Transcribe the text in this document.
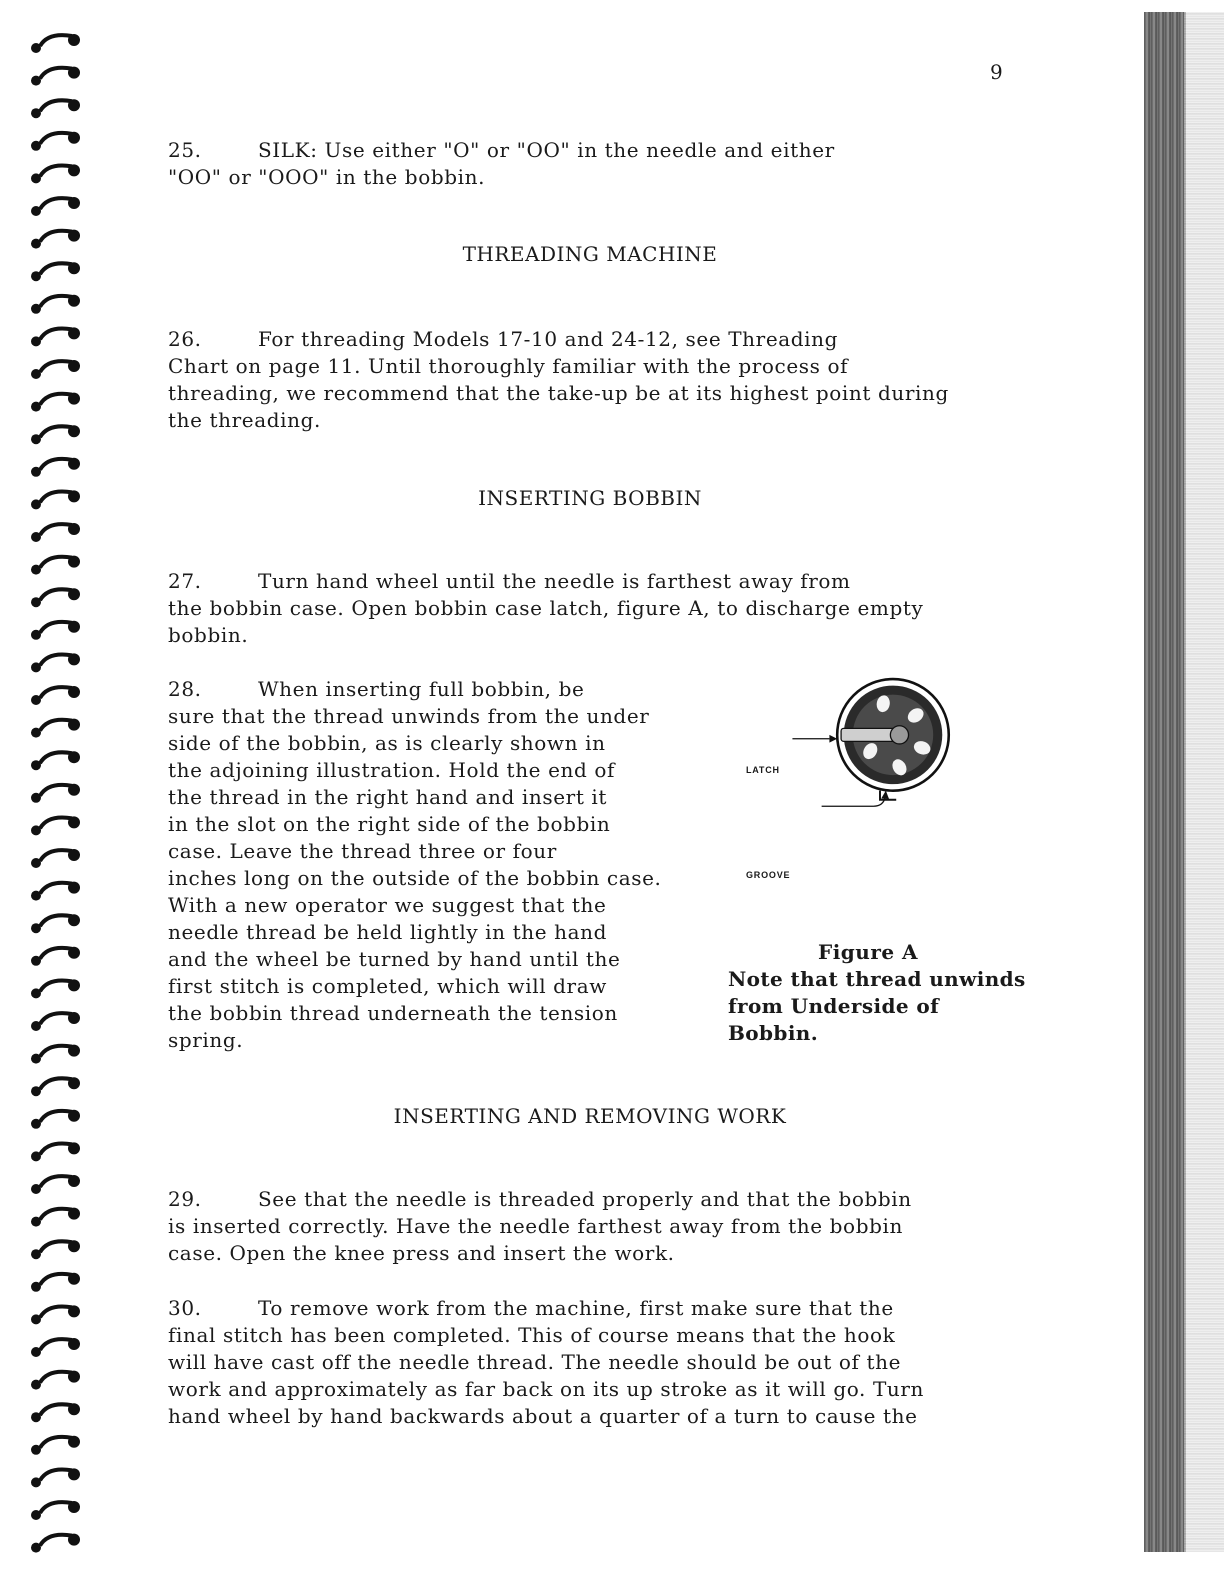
9
25.	SILK: Use either "O" or "OO" in the needle and either
"OO" or "OOO" in the bobbin.
THREADING MACHINE
26.	For threading Models 17-10 and 24-12, see Threading
Chart on page 11. Until thoroughly familiar with the process of
threading, we recommend that the take-up be at its highest point during
the threading.
INSERTING BOBBIN
27.	Turn hand wheel until the needle is farthest away from
the bobbin case. Open bobbin case latch, figure A, to discharge empty
bobbin.
28.	When inserting full bobbin, be
sure that the thread unwinds from the under
side of the bobbin, as is clearly shown in
the adjoining illustration. Hold the end of
the thread in the right hand and insert it
in the slot on the right side of the bobbin
case. Leave the thread three or four
inches long on the outside of the bobbin case.
With a new operator we suggest that the
needle thread be held lightly in the hand
and the wheel be turned by hand until the
first stitch is completed, which will draw
the bobbin thread underneath the tension
spring.
LATCH
GROOVE
Figure A
Note that thread unwinds
from Underside of
Bobbin.
INSERTING AND REMOVING WORK
29.	See that the needle is threaded properly and that the bobbin
is inserted correctly. Have the needle farthest away from the bobbin
case. Open the knee press and insert the work.
30.	To remove work from the machine, first make sure that the
final stitch has been completed. This of course means that the hook
will have cast off the needle thread. The needle should be out of the
work and approximately as far back on its up stroke as it will go. Turn
hand wheel by hand backwards about a quarter of a turn to cause the
